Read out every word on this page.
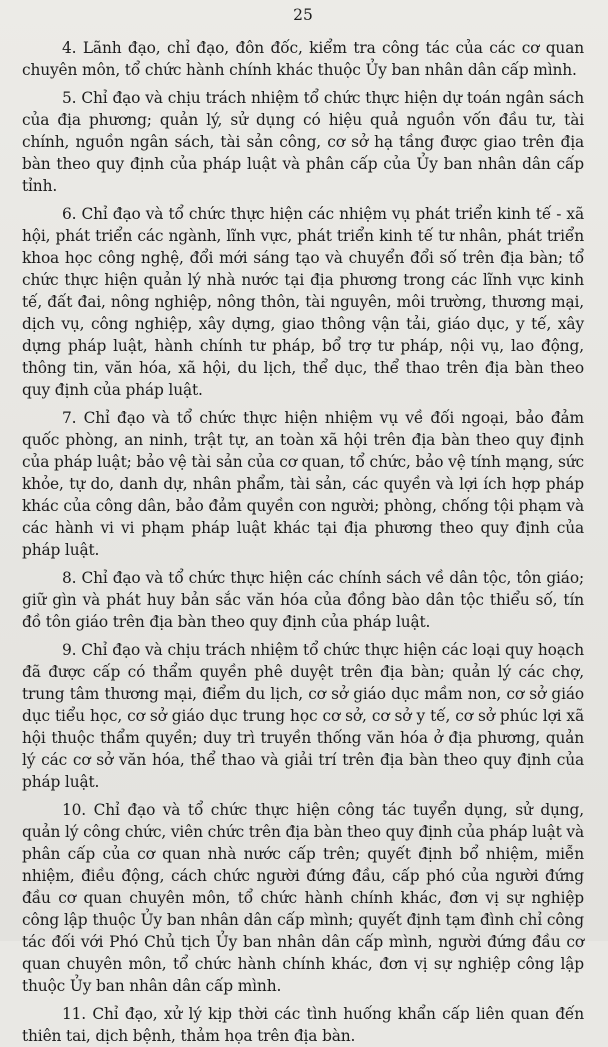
25

4. Lãnh đạo, chỉ đạo, đôn đốc, kiểm tra công tác của các cơ quan chuyên môn, tổ chức hành chính khác thuộc Ủy ban nhân dân cấp mình.

5. Chỉ đạo và chịu trách nhiệm tổ chức thực hiện dự toán ngân sách của địa phương; quản lý, sử dụng có hiệu quả nguồn vốn đầu tư, tài chính, nguồn ngân sách, tài sản công, cơ sở hạ tầng được giao trên địa bàn theo quy định của pháp luật và phân cấp của Ủy ban nhân dân cấp tỉnh.

6. Chỉ đạo và tổ chức thực hiện các nhiệm vụ phát triển kinh tế - xã hội, phát triển các ngành, lĩnh vực, phát triển kinh tế tư nhân, phát triển khoa học công nghệ, đổi mới sáng tạo và chuyển đổi số trên địa bàn; tổ chức thực hiện quản lý nhà nước tại địa phương trong các lĩnh vực kinh tế, đất đai, nông nghiệp, nông thôn, tài nguyên, môi trường, thương mại, dịch vụ, công nghiệp, xây dựng, giao thông vận tải, giáo dục, y tế, xây dựng pháp luật, hành chính tư pháp, bổ trợ tư pháp, nội vụ, lao động, thông tin, văn hóa, xã hội, du lịch, thể dục, thể thao trên địa bàn theo quy định của pháp luật.

7. Chỉ đạo và tổ chức thực hiện nhiệm vụ về đối ngoại, bảo đảm quốc phòng, an ninh, trật tự, an toàn xã hội trên địa bàn theo quy định của pháp luật; bảo vệ tài sản của cơ quan, tổ chức, bảo vệ tính mạng, sức khỏe, tự do, danh dự, nhân phẩm, tài sản, các quyền và lợi ích hợp pháp khác của công dân, bảo đảm quyền con người; phòng, chống tội phạm và các hành vi vi phạm pháp luật khác tại địa phương theo quy định của pháp luật.

8. Chỉ đạo và tổ chức thực hiện các chính sách về dân tộc, tôn giáo; giữ gìn và phát huy bản sắc văn hóa của đồng bào dân tộc thiểu số, tín đồ tôn giáo trên địa bàn theo quy định của pháp luật.

9. Chỉ đạo và chịu trách nhiệm tổ chức thực hiện các loại quy hoạch đã được cấp có thẩm quyền phê duyệt trên địa bàn; quản lý các chợ, trung tâm thương mại, điểm du lịch, cơ sở giáo dục mầm non, cơ sở giáo dục tiểu học, cơ sở giáo dục trung học cơ sở, cơ sở y tế, cơ sở phúc lợi xã hội thuộc thẩm quyền; duy trì truyền thống văn hóa ở địa phương, quản lý các cơ sở văn hóa, thể thao và giải trí trên địa bàn theo quy định của pháp luật.

10. Chỉ đạo và tổ chức thực hiện công tác tuyển dụng, sử dụng, quản lý công chức, viên chức trên địa bàn theo quy định của pháp luật và phân cấp của cơ quan nhà nước cấp trên; quyết định bổ nhiệm, miễn nhiệm, điều động, cách chức người đứng đầu, cấp phó của người đứng đầu cơ quan chuyên môn, tổ chức hành chính khác, đơn vị sự nghiệp công lập thuộc Ủy ban nhân dân cấp mình; quyết định tạm đình chỉ công tác đối với Phó Chủ tịch Ủy ban nhân dân cấp mình, người đứng đầu cơ quan chuyên môn, tổ chức hành chính khác, đơn vị sự nghiệp công lập thuộc Ủy ban nhân dân cấp mình.

11. Chỉ đạo, xử lý kịp thời các tình huống khẩn cấp liên quan đến thiên tai, dịch bệnh, thảm họa trên địa bàn.
